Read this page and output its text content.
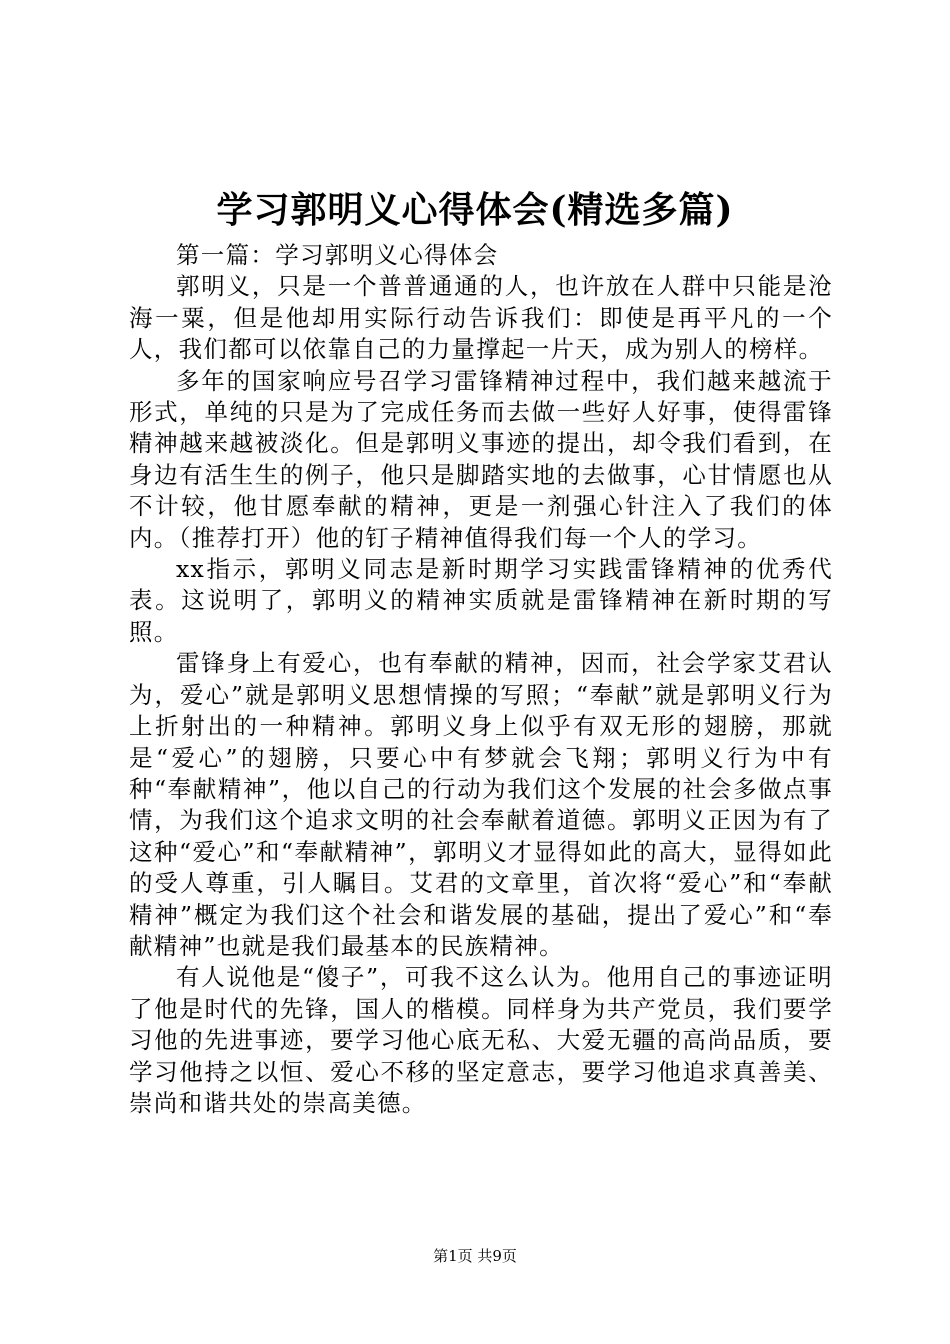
学习郭明义心得体会(精选多篇)

第一篇：学习郭明义心得体会

郭明义，只是一个普普通通的人，也许放在人群中只能是沧海一粟，但是他却用实际行动告诉我们：即使是再平凡的一个人，我们都可以依靠自己的力量撑起一片天，成为别人的榜样。

多年的国家响应号召学习雷锋精神过程中，我们越来越流于形式，单纯的只是为了完成任务而去做一些好人好事，使得雷锋精神越来越被淡化。但是郭明义事迹的提出，却令我们看到，在身边有活生生的例子，他只是脚踏实地的去做事，心甘情愿也从不计较，他甘愿奉献的精神，更是一剂强心针注入了我们的体内。（推荐打开）他的钉子精神值得我们每一个人的学习。

xx指示，郭明义同志是新时期学习实践雷锋精神的优秀代表。这说明了，郭明义的精神实质就是雷锋精神在新时期的写照。

雷锋身上有爱心，也有奉献的精神，因而，社会学家艾君认为，爱心”就是郭明义思想情操的写照；“奉献”就是郭明义行为上折射出的一种精神。郭明义身上似乎有双无形的翅膀，那就是“爱心”的翅膀，只要心中有梦就会飞翔；郭明义行为中有种“奉献精神”，他以自己的行动为我们这个发展的社会多做点事情，为我们这个追求文明的社会奉献着道德。郭明义正因为有了这种“爱心”和“奉献精神”，郭明义才显得如此的高大，显得如此的受人尊重，引人瞩目。艾君的文章里，首次将“爱心”和“奉献精神”概定为我们这个社会和谐发展的基础，提出了爱心”和“奉献精神”也就是我们最基本的民族精神。

有人说他是“傻子”，可我不这么认为。他用自己的事迹证明了他是时代的先锋，国人的楷模。同样身为共产党员，我们要学习他的先进事迹，要学习他心底无私、大爱无疆的高尚品质，要学习他持之以恒、爱心不移的坚定意志，要学习他追求真善美、崇尚和谐共处的崇高美德。

第1页 共9页
